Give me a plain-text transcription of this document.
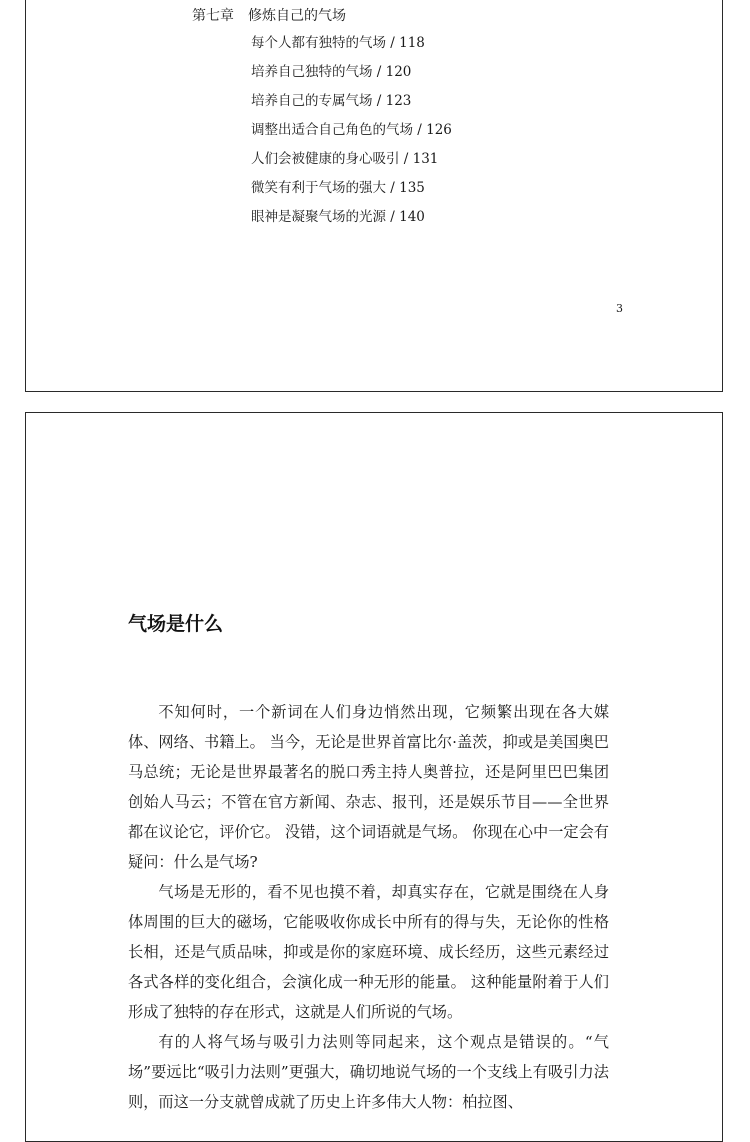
第七章 修炼自己的气场
每个人都有独特的气场 / 118
培养自己独特的气场 / 120
培养自己的专属气场 / 123
调整出适合自己角色的气场 / 126
人们会被健康的身心吸引 / 131
微笑有利于气场的强大 / 135
眼神是凝聚气场的光源 / 140
3
气场是什么

不知何时，一个新词在人们身边悄然出现，它频繁出现在各大媒体、网络、书籍上。 当今，无论是世界首富比尔·盖茨，抑或是美国奥巴马总统；无论是世界最著名的脱口秀主持人奥普拉，还是阿里巴巴集团创始人马云；不管在官方新闻、杂志、报刊，还是娱乐节目——全世界都在议论它，评价它。 没错，这个词语就是气场。 你现在心中一定会有疑问：什么是气场?

气场是无形的，看不见也摸不着，却真实存在，它就是围绕在人身体周围的巨大的磁场，它能吸收你成长中所有的得与失，无论你的性格长相，还是气质品味，抑或是你的家庭环境、成长经历，这些元素经过各式各样的变化组合，会演化成一种无形的能量。 这种能量附着于人们形成了独特的存在形式，这就是人们所说的气场。

有的人将气场与吸引力法则等同起来，这个观点是错误的。“气场”要远比“吸引力法则”更强大，确切地说气场的一个支线上有吸引力法则，而这一分支就曾成就了历史上许多伟大人物：柏拉图、
